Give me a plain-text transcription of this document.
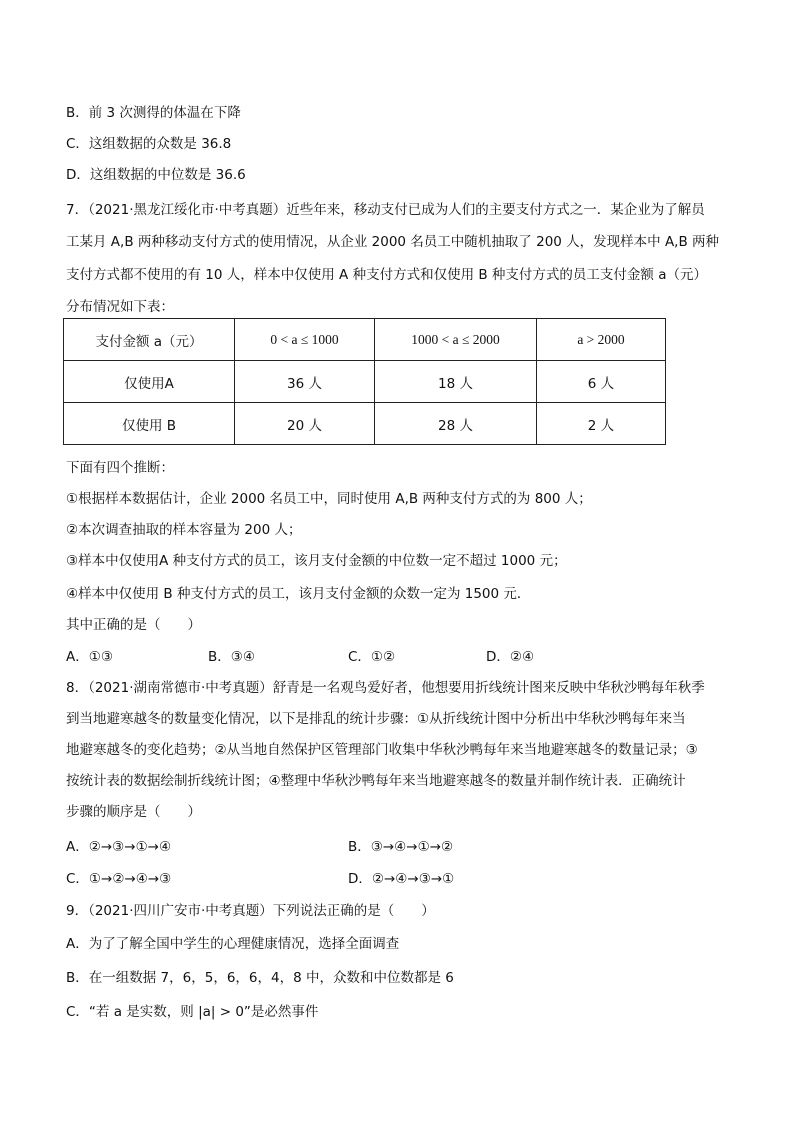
B．前 3 次测得的体温在下降
C．这组数据的众数是 36.8
D．这组数据的中位数是 36.6
7．（2021·黑龙江绥化市·中考真题）近些年来，移动支付已成为人们的主要支付方式之一．某企业为了解员
工某月 A,B 两种移动支付方式的使用情况，从企业 2000 名员工中随机抽取了 200 人，发现样本中 A,B 两种
支付方式都不使用的有 10 人，样本中仅使用 A 种支付方式和仅使用 B 种支付方式的员工支付金额 a（元）
分布情况如下表：
支付金额 a（元）	0 < a ≤ 1000	1000 < a ≤ 2000	a > 2000
仅使用A	36 人	18 人	6 人
仅使用 B	20 人	28 人	2 人
下面有四个推断：
①根据样本数据估计，企业 2000 名员工中，同时使用 A,B 两种支付方式的为 800 人；
②本次调查抽取的样本容量为 200 人；
③样本中仅使用A 种支付方式的员工，该月支付金额的中位数一定不超过 1000 元；
④样本中仅使用 B 种支付方式的员工，该月支付金额的众数一定为 1500 元．
其中正确的是（　　）
A．①③	B．③④	C．①②	D．②④
8．（2021·湖南常德市·中考真题）舒青是一名观鸟爱好者，他想要用折线统计图来反映中华秋沙鸭每年秋季
到当地避寒越冬的数量变化情况，以下是排乱的统计步骤：①从折线统计图中分析出中华秋沙鸭每年来当
地避寒越冬的变化趋势；②从当地自然保护区管理部门收集中华秋沙鸭每年来当地避寒越冬的数量记录；③
按统计表的数据绘制折线统计图；④整理中华秋沙鸭每年来当地避寒越冬的数量并制作统计表．正确统计
步骤的顺序是（　　）
A．②→③→①→④	B．③→④→①→②
C．①→②→④→③	D．②→④→③→①
9．（2021·四川广安市·中考真题）下列说法正确的是（　　）
A．为了了解全国中学生的心理健康情况，选择全面调查
B．在一组数据 7，6，5，6，6，4，8 中，众数和中位数都是 6
C．“若 a 是实数，则 |a| > 0”是必然事件
